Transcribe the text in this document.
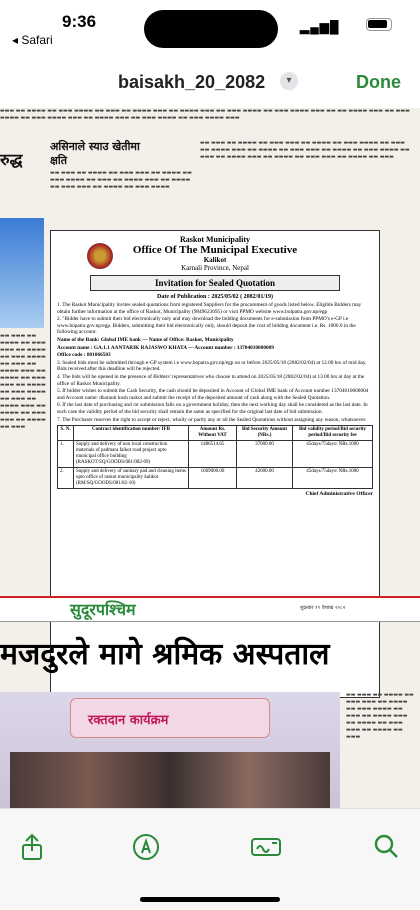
9:36
◂ Safari
▂▄▆█
baisakh_20_2082	▾	Done
▬▬▬ ▬▬ ▬▬▬▬ ▬▬ ▬▬▬ ▬▬▬▬ ▬▬ ▬▬▬ ▬▬ ▬▬▬▬ ▬▬▬ ▬▬ ▬▬▬▬ ▬▬▬ ▬▬ ▬▬▬ ▬▬▬▬ ▬▬ ▬▬▬ ▬▬▬▬ ▬▬▬ ▬▬ ▬▬ ▬▬▬▬ ▬▬▬ ▬▬ ▬▬▬ ▬▬▬▬ ▬▬ ▬▬▬ ▬▬▬▬ ▬▬▬ ▬▬ ▬▬▬▬ ▬▬▬ ▬▬ ▬▬▬ ▬▬▬▬ ▬▬ ▬▬▬ ▬▬▬▬ ▬▬▬
रुद्ध
असिनाले स्याउ खेतीमा क्षति
▬▬ ▬▬▬ ▬▬ ▬▬▬▬ ▬▬ ▬▬▬ ▬▬▬ ▬▬ ▬▬▬▬ ▬▬ ▬▬▬ ▬▬▬▬ ▬▬ ▬▬▬ ▬▬ ▬▬▬▬ ▬▬▬ ▬▬ ▬▬▬▬ ▬▬ ▬▬▬ ▬▬▬ ▬▬ ▬▬▬▬ ▬▬ ▬▬▬ ▬▬▬▬
▬▬ ▬▬▬ ▬▬ ▬▬▬▬ ▬▬ ▬▬▬ ▬▬▬ ▬▬ ▬▬▬▬ ▬▬ ▬▬▬ ▬▬▬▬ ▬▬ ▬▬▬ ▬▬ ▬▬▬▬ ▬▬▬ ▬▬ ▬▬▬▬ ▬▬ ▬▬▬ ▬▬▬ ▬▬ ▬▬▬▬ ▬▬ ▬▬▬ ▬▬▬▬ ▬▬ ▬▬▬ ▬▬ ▬▬▬▬ ▬▬▬ ▬▬ ▬▬▬▬ ▬▬ ▬▬▬ ▬▬▬ ▬▬ ▬▬▬▬ ▬▬ ▬▬▬
▬▬ ▬▬▬ ▬▬ ▬▬▬▬ ▬▬ ▬▬▬ ▬▬▬ ▬▬ ▬▬▬▬ ▬▬ ▬▬▬ ▬▬▬▬ ▬▬ ▬▬▬ ▬▬ ▬▬▬▬ ▬▬▬ ▬▬ ▬▬▬▬ ▬▬ ▬▬▬ ▬▬▬ ▬▬ ▬▬▬▬ ▬▬ ▬▬▬ ▬▬▬▬ ▬▬ ▬▬▬ ▬▬ ▬▬▬▬ ▬▬▬ ▬▬ ▬▬▬▬ ▬▬ ▬▬▬ ▬▬▬ ▬▬ ▬▬▬▬ ▬▬ ▬▬▬
Raskot Municipality
Office Of The Municipal Executive
Kalikot
Karnali Province, Nepal
Invitation for Sealed Quotation
Date of Publication : 2025/05/02 ( 2082/01/19)

1. The Raskot Municipality invites sealed quotations from registered Suppliers for the procurement of goods listed below. Eligible Bidders may obtain further information at the office of Raskot, Municipality (9849623695) or visit PPMO website www.bolpatra.gov.np/egp

2. "Bidder have to submit their bid electronically only and may download the bidding documents for e-submission from PPMO's e-GP i.e www.bopatra.gov.np/egp. Bidders, submitting their bid electronically only, should deposit the cost of bidding document i.e. Rs. 1000.0 in the following account.

Name of the Bank: Global IME bank — Name of Office: Raskot, Municipality

Account name : GA.1.1 AANTARIK RAJASWO KHATA — Account number : 13704010000009

Office code : 801066503

3. Sealed bids must be submitted through e-GP system i.e www.bopatra.gov.np/egp on or before 2025/05/18 (2082/02/04) at 12.00 hrs of mid day. Bids received after this deadline will be rejected.

4. The bids will be opened in the presence of Bidders' representatives who choose to attend on 2025/05/18 (2082/02/04) at 13.00 hrs at day at the office of Raskot Municipality.

5. If bidder wishes to submit the Cash Security, the cash should be deposited in Account of Global IME bank of Account number 13704010000004 and Account name: dharauti kosh raskot and submit the receipt of the deposited amount of cash along with the Sealed Quotation.

6. If the last date of purchasing and /or submission falls on a government holiday, then the next working day shall be considered as the last date. In such case the validity period of the bid security shall remain the same as specified for the original last date of bid submission.

7. The Purchaser reserves the right to accept or reject, wholly or partly any or all the Sealed Quotations without assigning any reason, whatsoever.

S. N.	Contract identification number/ IFB	Amount Rs. Without VAT	Bid Security Amount (NRs.)	Bid validity period/Bid security period/Bid security fee
1.	Supply and delivery of non local construction materials of padmara faikot road project upto municipal office building (RASKOT/SQ/GOODS/081/082-09)	1486514.65	37000.00	45days/75days/ NRs.1000
2.	Supply and delivery of sanitary pad and cleaning items upto office of raskot municipality kalikot (RM/SQ/GOODS/081/82-10)	1669000.00	42000.00	45days/75days/ NRs.1000
Chief Administrative Officer
सुदूरपश्चिम	शुक्रबार १९ वैशाख २०८२
मजदुरले मागे श्रमिक अस्पताल
रक्तदान कार्यक्रम
▬▬ ▬▬▬ ▬▬ ▬▬▬▬ ▬▬ ▬▬▬ ▬▬▬ ▬▬ ▬▬▬▬ ▬▬ ▬▬▬ ▬▬▬▬ ▬▬ ▬▬▬ ▬▬ ▬▬▬▬ ▬▬▬ ▬▬ ▬▬▬▬ ▬▬ ▬▬▬ ▬▬▬ ▬▬ ▬▬▬▬ ▬▬ ▬▬▬
